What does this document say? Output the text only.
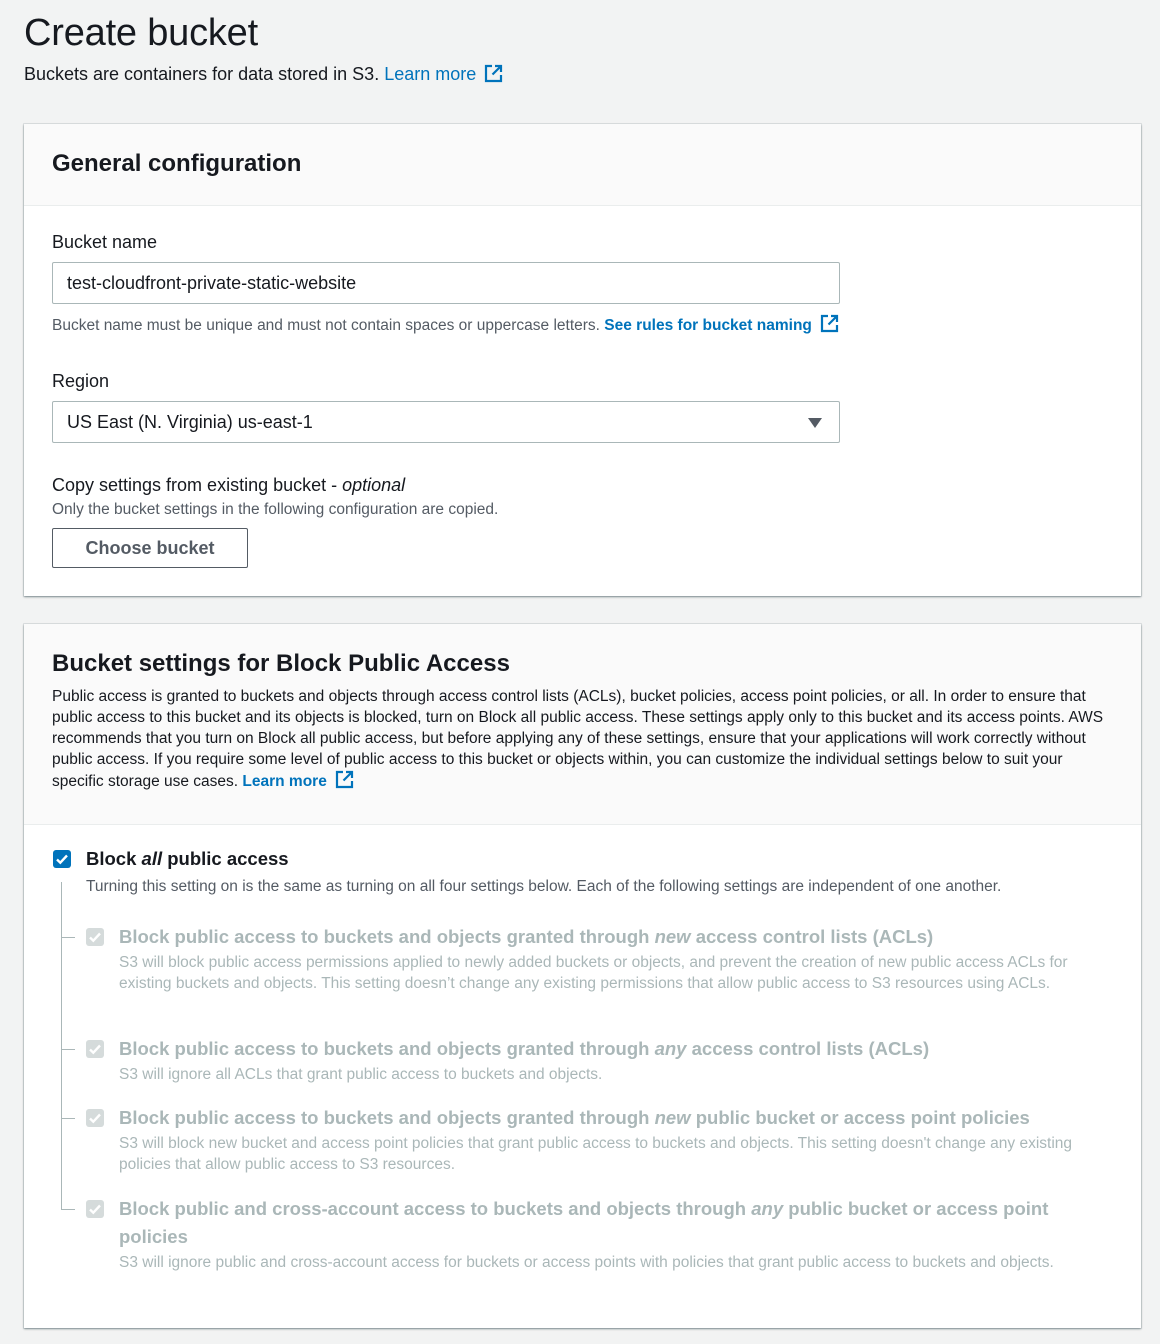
Create bucket
Buckets are containers for data stored in S3. Learn more
General configuration
Bucket name
test-cloudfront-private-static-website
Bucket name must be unique and must not contain spaces or uppercase letters. See rules for bucket naming
Region
US East (N. Virginia) us-east-1
Copy settings from existing bucket - optional
Only the bucket settings in the following configuration are copied.
Choose bucket
Bucket settings for Block Public Access
Public access is granted to buckets and objects through access control lists (ACLs), bucket policies, access point policies, or all. In order to ensure that public access to this bucket and its objects is blocked, turn on Block all public access. These settings apply only to this bucket and its access points. AWS recommends that you turn on Block all public access, but before applying any of these settings, ensure that your applications will work correctly without public access. If you require some level of public access to this bucket or objects within, you can customize the individual settings below to suit your specific storage use cases. Learn more
Block all public access
Turning this setting on is the same as turning on all four settings below. Each of the following settings are independent of one another.
Block public access to buckets and objects granted through new access control lists (ACLs)
S3 will block public access permissions applied to newly added buckets or objects, and prevent the creation of new public access ACLs for existing buckets and objects. This setting doesn’t change any existing permissions that allow public access to S3 resources using ACLs.
Block public access to buckets and objects granted through any access control lists (ACLs)
S3 will ignore all ACLs that grant public access to buckets and objects.
Block public access to buckets and objects granted through new public bucket or access point policies
S3 will block new bucket and access point policies that grant public access to buckets and objects. This setting doesn't change any existing policies that allow public access to S3 resources.
Block public and cross-account access to buckets and objects through any public bucket or access point policies
S3 will ignore public and cross-account access for buckets or access points with policies that grant public access to buckets and objects.
